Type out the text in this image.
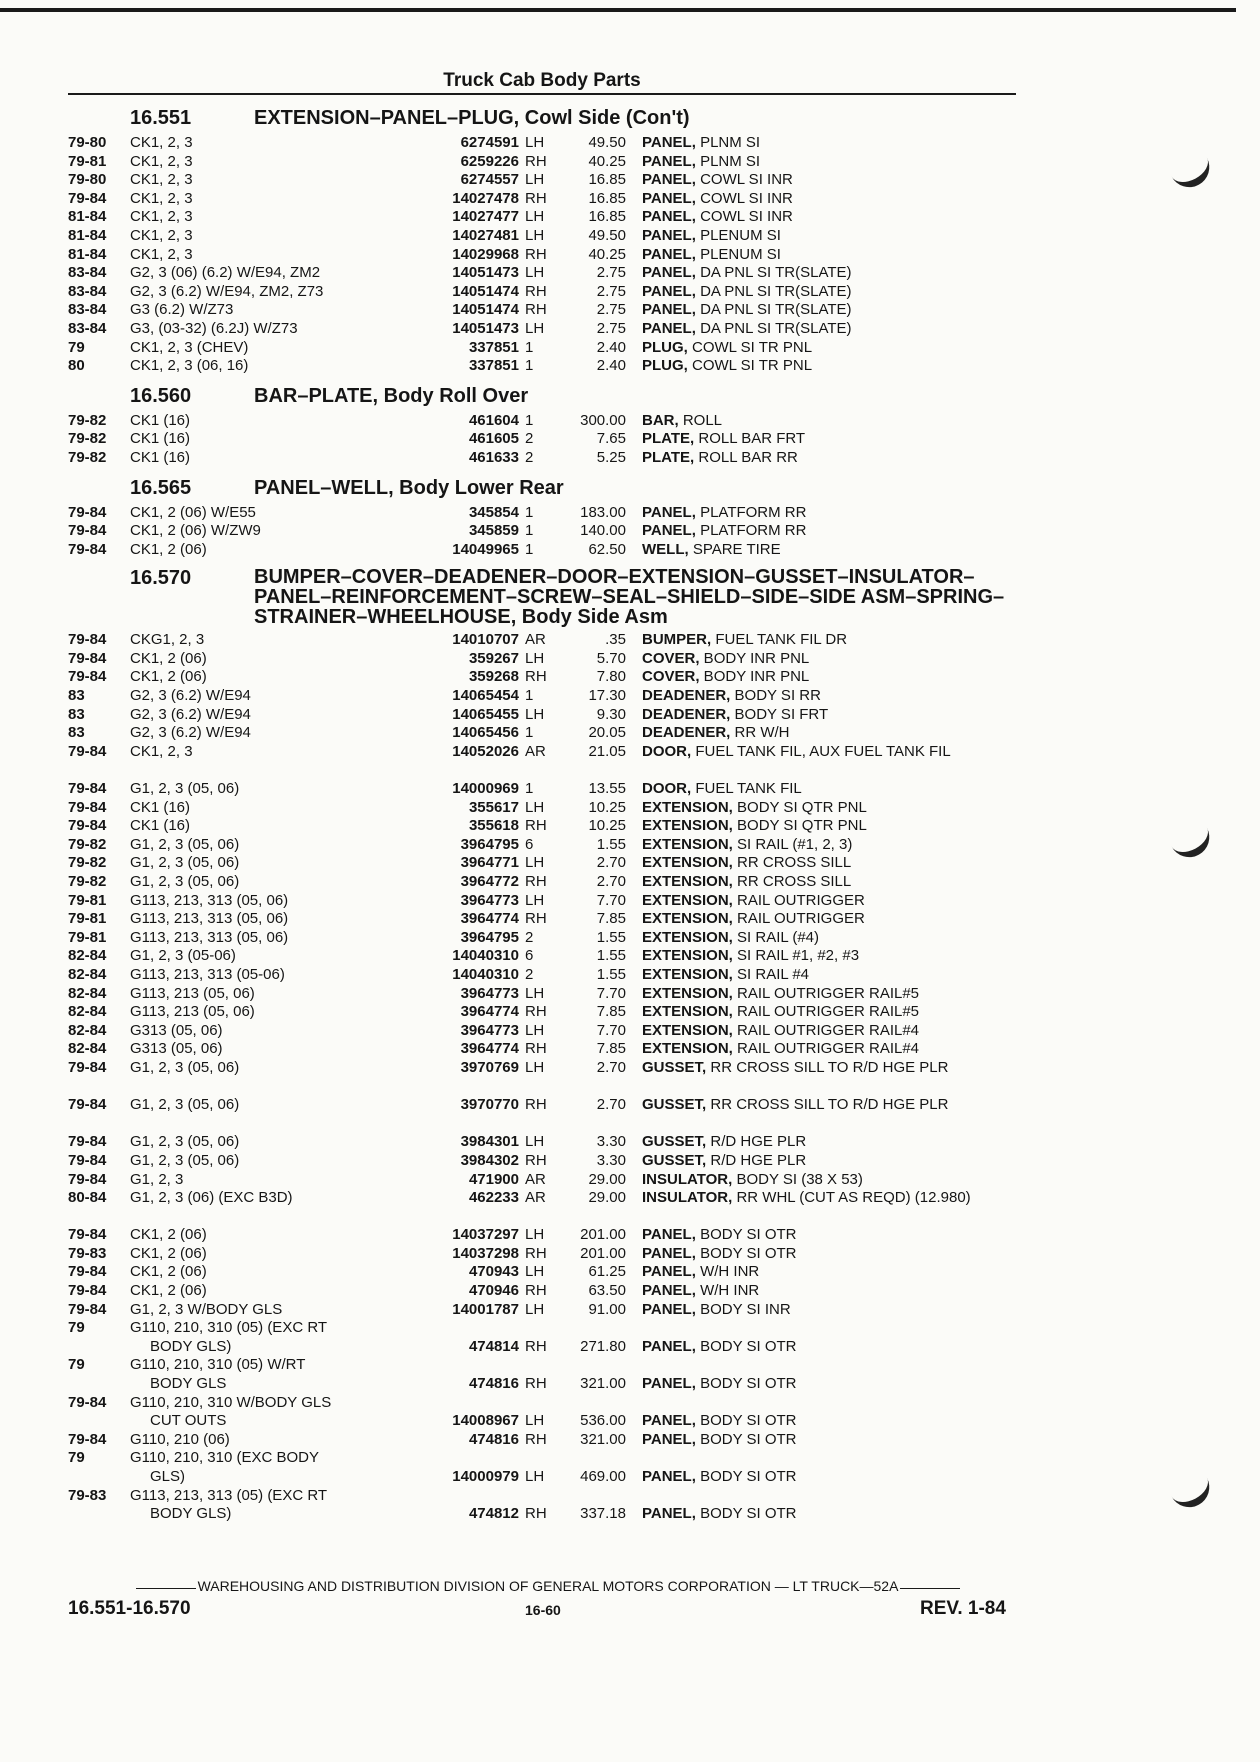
Truck Cab Body Parts
16.551	EXTENSION–PANEL–PLUG, Cowl Side (Con't)
79-80	CK1, 2, 3	6274591 LH	49.50	PANEL, PLNM SI
79-81	CK1, 2, 3	6259226 RH	40.25	PANEL, PLNM SI
79-80	CK1, 2, 3	6274557 LH	16.85	PANEL, COWL SI INR
79-84	CK1, 2, 3	14027478 RH	16.85	PANEL, COWL SI INR
81-84	CK1, 2, 3	14027477 LH	16.85	PANEL, COWL SI INR
81-84	CK1, 2, 3	14027481 LH	49.50	PANEL, PLENUM SI
81-84	CK1, 2, 3	14029968 RH	40.25	PANEL, PLENUM SI
83-84	G2, 3 (06) (6.2) W/E94, ZM2	14051473 LH	2.75	PANEL, DA PNL SI TR(SLATE)
83-84	G2, 3 (6.2) W/E94, ZM2, Z73	14051474 RH	2.75	PANEL, DA PNL SI TR(SLATE)
83-84	G3 (6.2) W/Z73	14051474 RH	2.75	PANEL, DA PNL SI TR(SLATE)
83-84	G3, (03-32) (6.2J) W/Z73	14051473 LH	2.75	PANEL, DA PNL SI TR(SLATE)
79	CK1, 2, 3 (CHEV)	337851 1	2.40	PLUG, COWL SI TR PNL
80	CK1, 2, 3 (06, 16)	337851 1	2.40	PLUG, COWL SI TR PNL
16.560	BAR–PLATE, Body Roll Over
79-82	CK1 (16)	461604 1	300.00	BAR, ROLL
79-82	CK1 (16)	461605 2	7.65	PLATE, ROLL BAR FRT
79-82	CK1 (16)	461633 2	5.25	PLATE, ROLL BAR RR
16.565	PANEL–WELL, Body Lower Rear
79-84	CK1, 2 (06) W/E55	345854 1	183.00	PANEL, PLATFORM RR
79-84	CK1, 2 (06) W/ZW9	345859 1	140.00	PANEL, PLATFORM RR
79-84	CK1, 2 (06)	14049965 1	62.50	WELL, SPARE TIRE
16.570	BUMPER–COVER–DEADENER–DOOR–EXTENSION–GUSSET–INSULATOR–PANEL–REINFORCEMENT–SCREW–SEAL–SHIELD–SIDE–SIDE ASM–SPRING–STRAINER–WHEELHOUSE, Body Side Asm
79-84	CKG1, 2, 3	14010707 AR	.35	BUMPER, FUEL TANK FIL DR
79-84	CK1, 2 (06)	359267 LH	5.70	COVER, BODY INR PNL
79-84	CK1, 2 (06)	359268 RH	7.80	COVER, BODY INR PNL
83	G2, 3 (6.2) W/E94	14065454 1	17.30	DEADENER, BODY SI RR
83	G2, 3 (6.2) W/E94	14065455 LH	9.30	DEADENER, BODY SI FRT
83	G2, 3 (6.2) W/E94	14065456 1	20.05	DEADENER, RR W/H
79-84	CK1, 2, 3	14052026 AR	21.05	DOOR, FUEL TANK FIL, AUX FUEL TANK FIL
79-84	G1, 2, 3 (05, 06)	14000969 1	13.55	DOOR, FUEL TANK FIL
79-84	CK1 (16)	355617 LH	10.25	EXTENSION, BODY SI QTR PNL
79-84	CK1 (16)	355618 RH	10.25	EXTENSION, BODY SI QTR PNL
79-82	G1, 2, 3 (05, 06)	3964795 6	1.55	EXTENSION, SI RAIL (#1, 2, 3)
79-82	G1, 2, 3 (05, 06)	3964771 LH	2.70	EXTENSION, RR CROSS SILL
79-82	G1, 2, 3 (05, 06)	3964772 RH	2.70	EXTENSION, RR CROSS SILL
79-81	G113, 213, 313 (05, 06)	3964773 LH	7.70	EXTENSION, RAIL OUTRIGGER
79-81	G113, 213, 313 (05, 06)	3964774 RH	7.85	EXTENSION, RAIL OUTRIGGER
79-81	G113, 213, 313 (05, 06)	3964795 2	1.55	EXTENSION, SI RAIL (#4)
82-84	G1, 2, 3 (05-06)	14040310 6	1.55	EXTENSION, SI RAIL #1, #2, #3
82-84	G113, 213, 313 (05-06)	14040310 2	1.55	EXTENSION, SI RAIL #4
82-84	G113, 213 (05, 06)	3964773 LH	7.70	EXTENSION, RAIL OUTRIGGER RAIL#5
82-84	G113, 213 (05, 06)	3964774 RH	7.85	EXTENSION, RAIL OUTRIGGER RAIL#5
82-84	G313 (05, 06)	3964773 LH	7.70	EXTENSION, RAIL OUTRIGGER RAIL#4
82-84	G313 (05, 06)	3964774 RH	7.85	EXTENSION, RAIL OUTRIGGER RAIL#4
79-84	G1, 2, 3 (05, 06)	3970769 LH	2.70	GUSSET, RR CROSS SILL TO R/D HGE PLR
79-84	G1, 2, 3 (05, 06)	3970770 RH	2.70	GUSSET, RR CROSS SILL TO R/D HGE PLR
79-84	G1, 2, 3 (05, 06)	3984301 LH	3.30	GUSSET, R/D HGE PLR
79-84	G1, 2, 3 (05, 06)	3984302 RH	3.30	GUSSET, R/D HGE PLR
79-84	G1, 2, 3	471900 AR	29.00	INSULATOR, BODY SI (38 X 53)
80-84	G1, 2, 3 (06) (EXC B3D)	462233 AR	29.00	INSULATOR, RR WHL (CUT AS REQD) (12.980)
79-84	CK1, 2 (06)	14037297 LH	201.00	PANEL, BODY SI OTR
79-83	CK1, 2 (06)	14037298 RH	201.00	PANEL, BODY SI OTR
79-84	CK1, 2 (06)	470943 LH	61.25	PANEL, W/H INR
79-84	CK1, 2 (06)	470946 RH	63.50	PANEL, W/H INR
79-84	G1, 2, 3 W/BODY GLS	14001787 LH	91.00	PANEL, BODY SI INR
79	G110, 210, 310 (05) (EXC RT
BODY GLS)	474814 RH	271.80	PANEL, BODY SI OTR
79	G110, 210, 310 (05) W/RT
BODY GLS	474816 RH	321.00	PANEL, BODY SI OTR
79-84	G110, 210, 310 W/BODY GLS
CUT OUTS	14008967 LH	536.00	PANEL, BODY SI OTR
79-84	G110, 210 (06)	474816 RH	321.00	PANEL, BODY SI OTR
79	G110, 210, 310 (EXC BODY
GLS)	14000979 LH	469.00	PANEL, BODY SI OTR
79-83	G113, 213, 313 (05) (EXC RT
BODY GLS)	474812 RH	337.18	PANEL, BODY SI OTR
WAREHOUSING AND DISTRIBUTION DIVISION OF GENERAL MOTORS CORPORATION — LT TRUCK—52A
16.551-16.570	16-60	REV. 1-84
